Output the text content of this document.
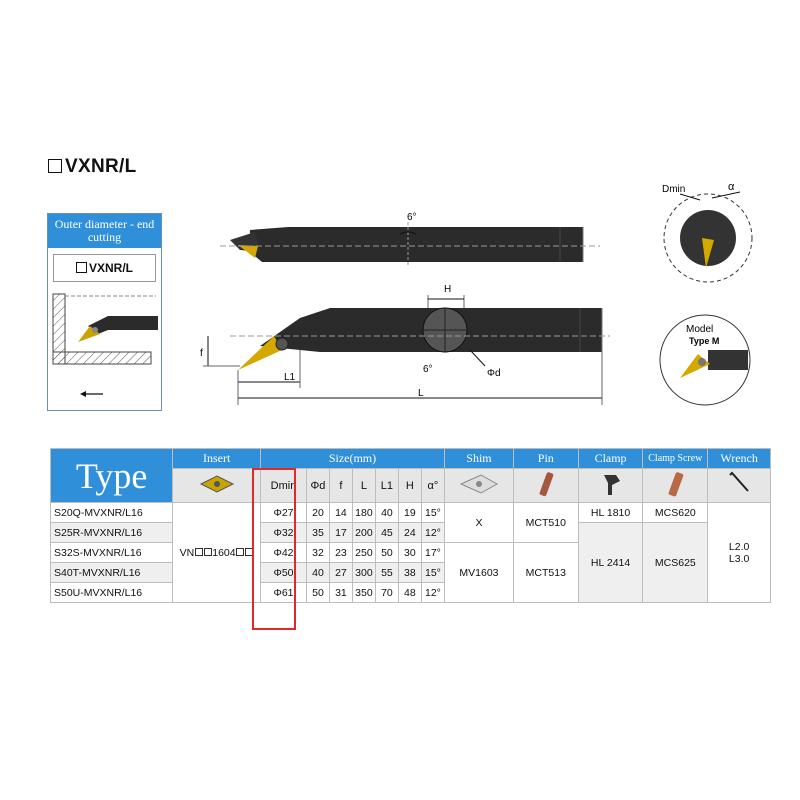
VXNR/L
Outer diameter - end cutting
VXNR/L
6°
H
6°	Φd
f
L1
L
Dmin	α
Model
Type M
Type	Insert	Size(mm)							Shim	Pin	Clamp	Clamp Screw	Wrench
	Dmin	Φd	f	L	L1	H	α°					
S20Q-MVXNR/L16	VN 1604	Φ27	20	14	180	40	19	15°	X	MCT510	HL 1810	MCS620	L2.0
L3.0

S25R-MVXNR/L16		Φ32	35	17	200	45	24	12°			HL 2414	MCS625	
S32S-MVXNR/L16		Φ42	32	23	250	50	30	17°	MV1603	MCT513			
S40T-MVXNR/L16		Φ50	40	27	300	55	38	15°					
S50U-MVXNR/L16		Φ61	50	31	350	70	48	12°					
